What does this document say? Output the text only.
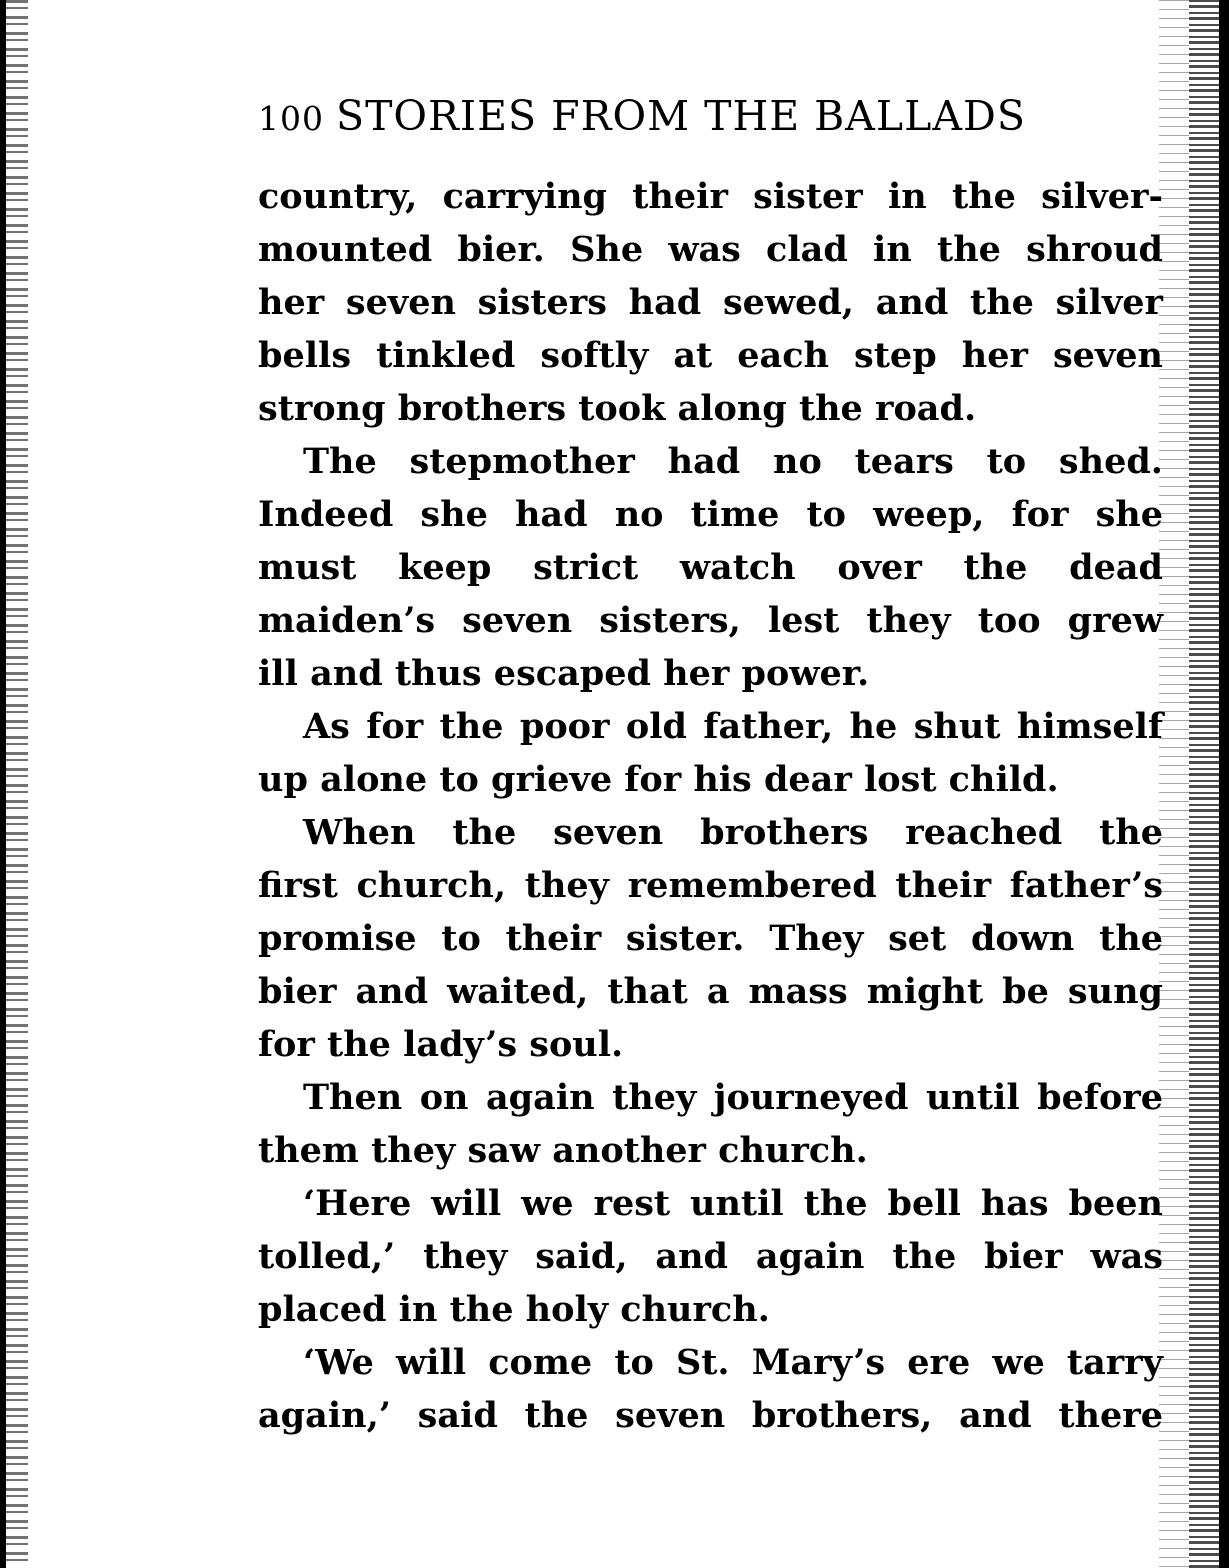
100 STORIES FROM THE BALLADS
country, carrying their sister in the silver-
mounted bier. She was clad in the shroud
her seven sisters had sewed, and the silver
bells tinkled softly at each step her seven
strong brothers took along the road.
The stepmother had no tears to shed.
Indeed she had no time to weep, for she
must keep strict watch over the dead
maiden’s seven sisters, lest they too grew
ill and thus escaped her power.
As for the poor old father, he shut himself
up alone to grieve for his dear lost child.
When the seven brothers reached the
first church, they remembered their father’s
promise to their sister. They set down the
bier and waited, that a mass might be sung
for the lady’s soul.
Then on again they journeyed until before
them they saw another church.
‘Here will we rest until the bell has been
tolled,’ they said, and again the bier was
placed in the holy church.
‘We will come to St. Mary’s ere we tarry
again,’ said the seven brothers, and there
